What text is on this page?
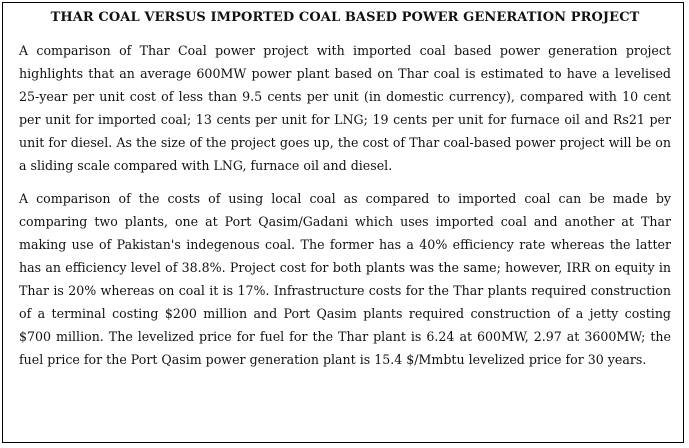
THAR COAL VERSUS IMPORTED COAL BASED POWER GENERATION PROJECT

A comparison of Thar Coal power project with imported coal based power generation project highlights that an average 600MW power plant based on Thar coal is estimated to have a levelised 25-year per unit cost of less than 9.5 cents per unit (in domestic currency), compared with 10 cent per unit for imported coal; 13 cents per unit for LNG; 19 cents per unit for furnace oil and Rs21 per unit for diesel. As the size of the project goes up, the cost of Thar coal-based power project will be on a sliding scale compared with LNG, furnace oil and diesel.

A comparison of the costs of using local coal as compared to imported coal can be made by comparing two plants, one at Port Qasim/Gadani which uses imported coal and another at Thar making use of Pakistan's indegenous coal. The former has a 40% efficiency rate whereas the latter has an efficiency level of 38.8%. Project cost for both plants was the same; however, IRR on equity in Thar is 20% whereas on coal it is 17%. Infrastructure costs for the Thar plants required construction of a terminal costing $200 million and Port Qasim plants required construction of a jetty costing $700 million. The levelized price for fuel for the Thar plant is 6.24 at 600MW, 2.97 at 3600MW; the fuel price for the Port Qasim power generation plant is 15.4 $/Mmbtu levelized price for 30 years.
